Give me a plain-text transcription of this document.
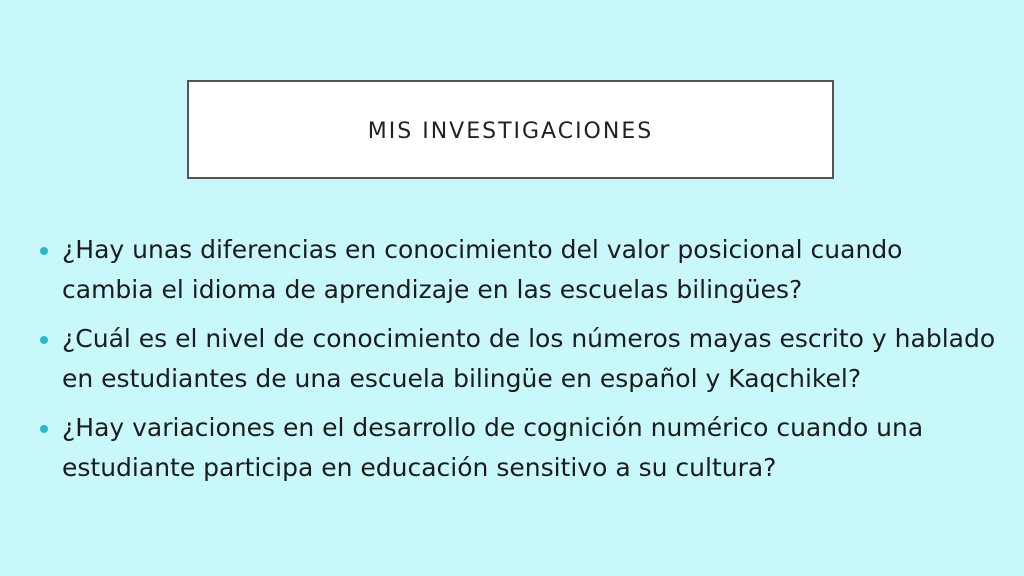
MIS INVESTIGACIONES
¿Hay unas diferencias en conocimiento del valor posicional cuando cambia el idioma de aprendizaje en las escuelas bilingües?
¿Cuál es el nivel de conocimiento de los números mayas escrito y hablado en estudiantes de una escuela bilingüe en español y Kaqchikel?
¿Hay variaciones en el desarrollo de cognición numérico cuando una estudiante participa en educación sensitivo a su cultura?
